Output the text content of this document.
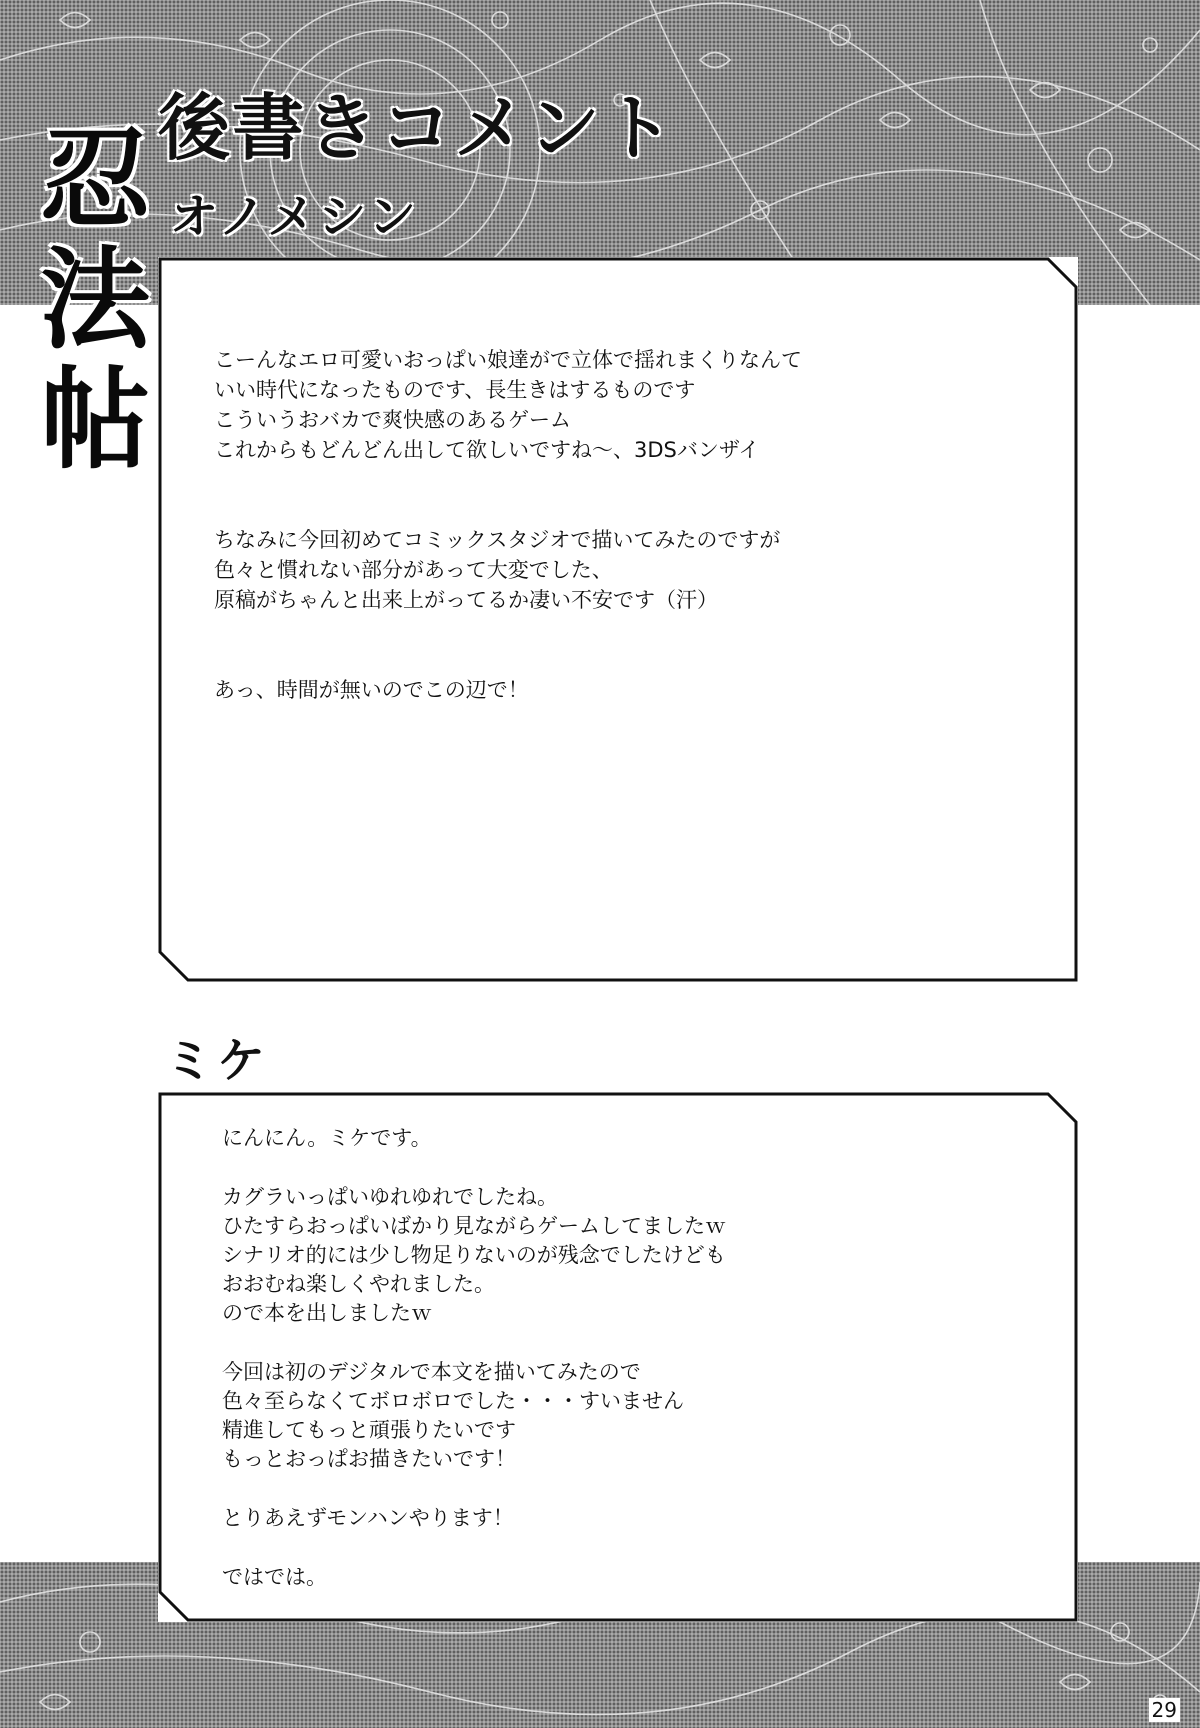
忍
法
帖
後書きコメント
オノメシン
こーんなエロ可愛いおっぱい娘達がで立体で揺れまくりなんて
いい時代になったものです、長生きはするものです
こういうおバカで爽快感のあるゲーム
これからもどんどん出して欲しいですね～、3DSバンザイ
ちなみに今回初めてコミックスタジオで描いてみたのですが
色々と慣れない部分があって大変でした、
原稿がちゃんと出来上がってるか凄い不安です（汗）
あっ、時間が無いのでこの辺で！
ミケ
にんにん。ミケです。
カグラいっぱいゆれゆれでしたね。
ひたすらおっぱいばかり見ながらゲームしてましたｗ
シナリオ的には少し物足りないのが残念でしたけども
おおむね楽しくやれました。
ので本を出しましたｗ
今回は初のデジタルで本文を描いてみたので
色々至らなくてボロボロでした・・・すいません
精進してもっと頑張りたいです
もっとおっぱお描きたいです！
とりあえずモンハンやります！
ではでは。
29
